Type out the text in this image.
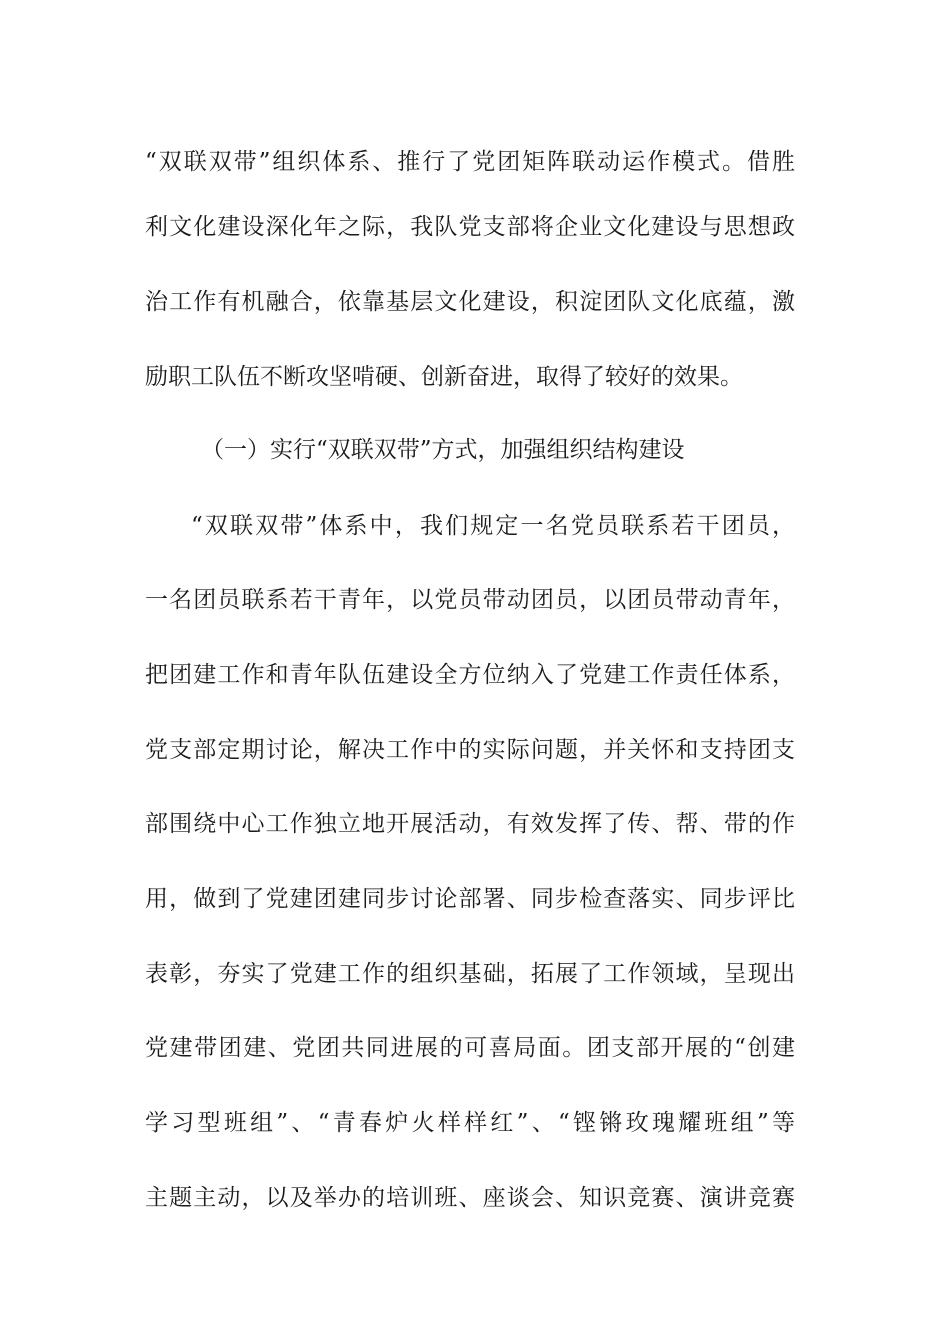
“双联双带”组织体系、推行了党团矩阵联动运作模式。借胜
利文化建设深化年之际，我队党支部将企业文化建设与思想政
治工作有机融合，依靠基层文化建设，积淀团队文化底蕴，激
励职工队伍不断攻坚啃硬、创新奋进，取得了较好的效果。
（一）实行“双联双带”方式，加强组织结构建设
“双联双带”体系中，我们规定一名党员联系若干团员，
一名团员联系若干青年，以党员带动团员，以团员带动青年，
把团建工作和青年队伍建设全方位纳入了党建工作责任体系，
党支部定期讨论，解决工作中的实际问题，并关怀和支持团支
部围绕中心工作独立地开展活动，有效发挥了传、帮、带的作
用，做到了党建团建同步讨论部署、同步检查落实、同步评比
表彰，夯实了党建工作的组织基础，拓展了工作领域，呈现出
党建带团建、党团共同进展的可喜局面。团支部开展的“创建
学习型班组”、“青春炉火样样红”、“铿锵玫瑰耀班组”等
主题主动，以及举办的培训班、座谈会、知识竞赛、演讲竞赛
